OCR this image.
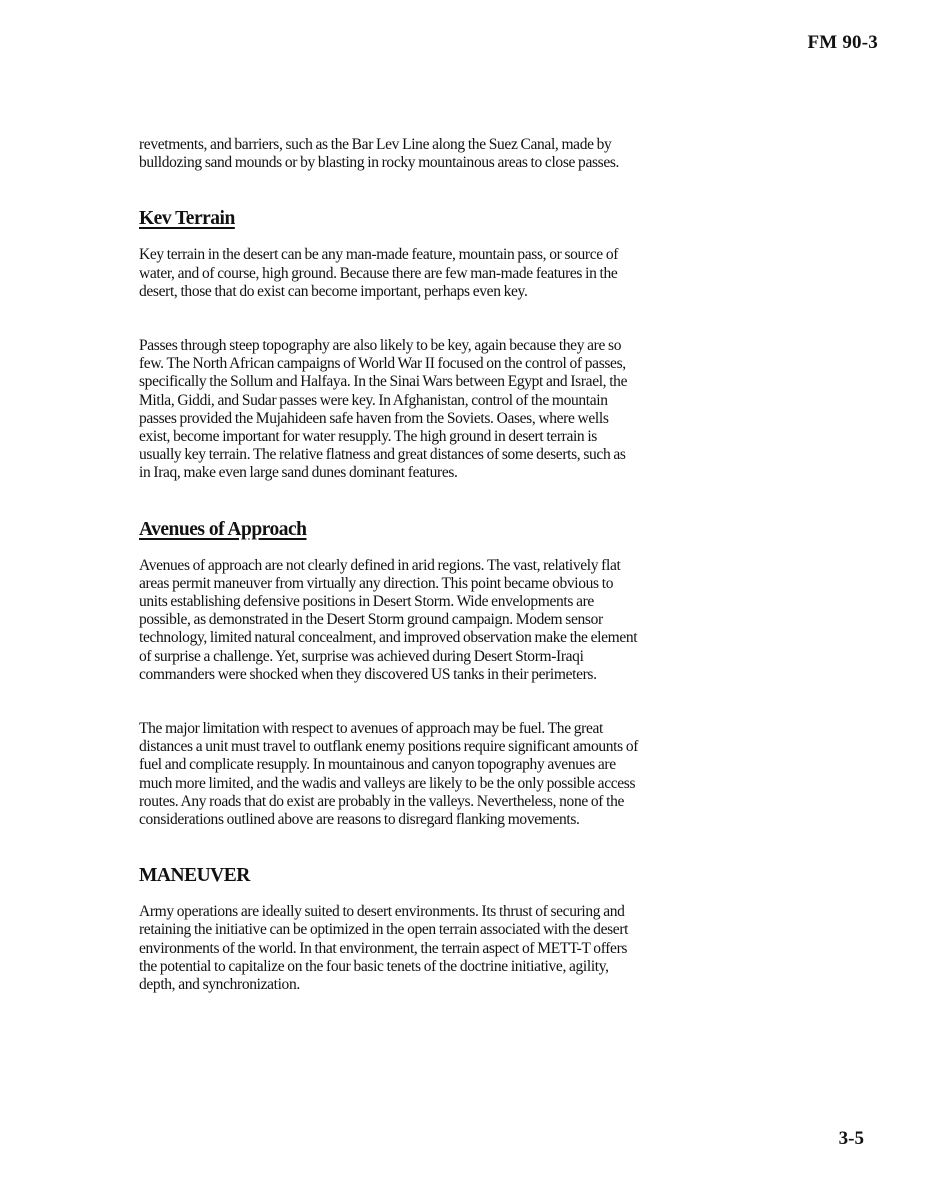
FM 90-3

revetments, and barriers, such as the Bar Lev Line along the Suez Canal, made by bulldozing sand mounds or by blasting in rocky mountainous areas to close passes.

Kev Terrain

Key terrain in the desert can be any man-made feature, mountain pass, or source of water, and of course, high ground. Because there are few man-made features in the desert, those that do exist can become important, perhaps even key.

Passes through steep topography are also likely to be key, again because they are so few. The North African campaigns of World War II focused on the control of passes, specifically the Sollum and Halfaya. In the Sinai Wars between Egypt and Israel, the Mitla, Giddi, and Sudar passes were key. In Afghanistan, control of the mountain passes provided the Mujahideen safe haven from the Soviets. Oases, where wells exist, become important for water resupply. The high ground in desert terrain is usually key terrain. The relative flatness and great distances of some deserts, such as in Iraq, make even large sand dunes dominant features.

Avenues of Approach

Avenues of approach are not clearly defined in arid regions. The vast, relatively flat areas permit maneuver from virtually any direction. This point became obvious to units establishing defensive positions in Desert Storm. Wide envelopments are possible, as demonstrated in the Desert Storm ground campaign. Modem sensor technology, limited natural concealment, and improved observation make the element of surprise a challenge. Yet, surprise was achieved during Desert Storm-Iraqi commanders were shocked when they discovered US tanks in their perimeters.

The major limitation with respect to avenues of approach may be fuel. The great distances a unit must travel to outflank enemy positions require significant amounts of fuel and complicate resupply. In mountainous and canyon topography avenues are much more limited, and the wadis and valleys are likely to be the only possible access routes. Any roads that do exist are probably in the valleys. Nevertheless, none of the considerations outlined above are reasons to disregard flanking movements.

MANEUVER

Army operations are ideally suited to desert environments. Its thrust of securing and retaining the initiative can be optimized in the open terrain associated with the desert environments of the world. In that environment, the terrain aspect of METT-T offers the potential to capitalize on the four basic tenets of the doctrine initiative, agility, depth, and synchronization.

3-5
